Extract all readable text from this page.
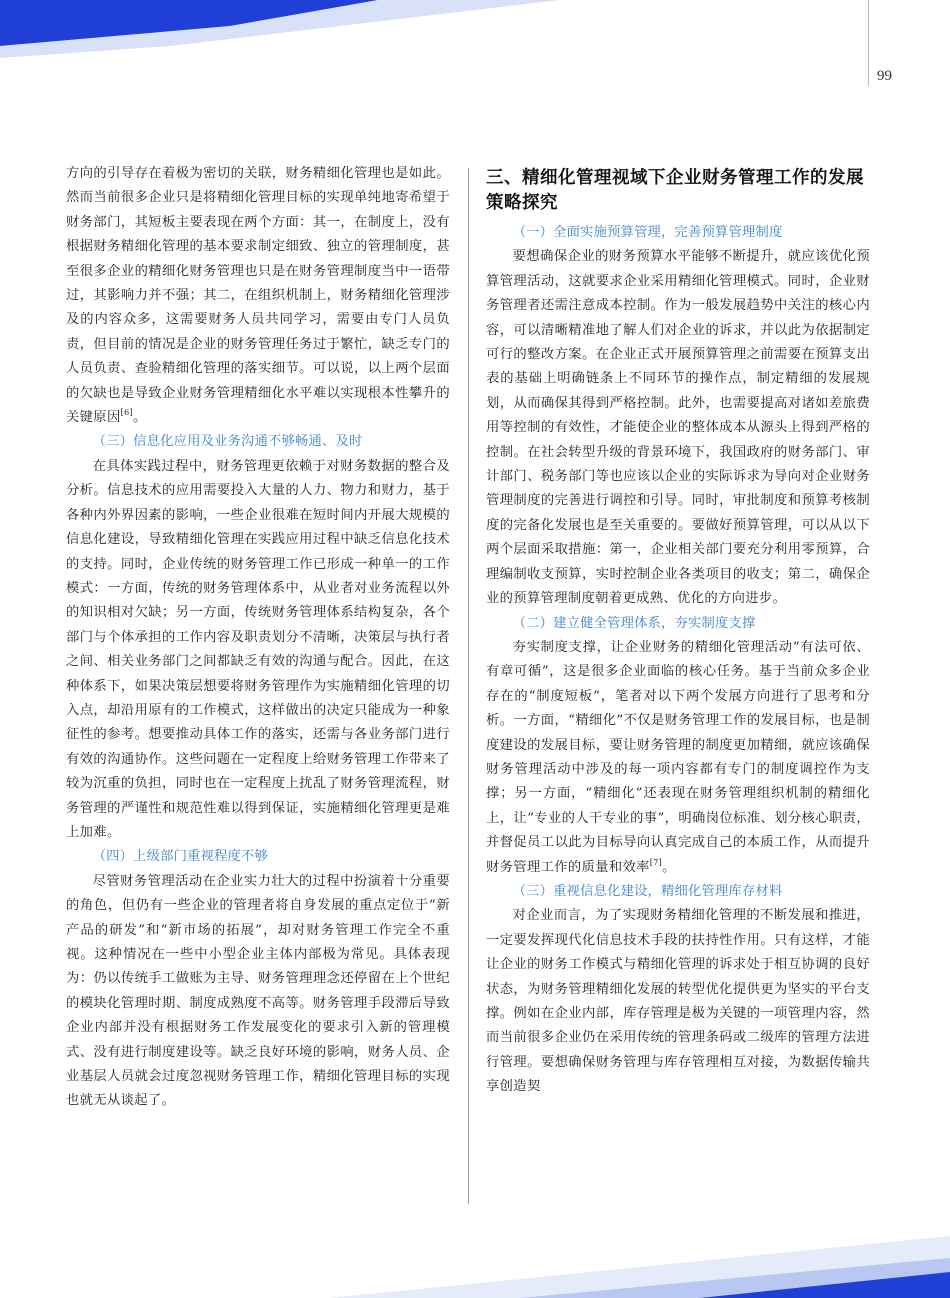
99

方向的引导存在着极为密切的关联，财务精细化管理也是如此。然而当前很多企业只是将精细化管理目标的实现单纯地寄希望于财务部门，其短板主要表现在两个方面：其一，在制度上，没有根据财务精细化管理的基本要求制定细致、独立的管理制度，甚至很多企业的精细化财务管理也只是在财务管理制度当中一语带过，其影响力并不强；其二，在组织机制上，财务精细化管理涉及的内容众多，这需要财务人员共同学习，需要由专门人员负责，但目前的情况是企业的财务管理任务过于繁忙，缺乏专门的人员负责、查验精细化管理的落实细节。可以说，以上两个层面的欠缺也是导致企业财务管理精细化水平难以实现根本性攀升的关键原因[6]。

（三）信息化应用及业务沟通不够畅通、及时

在具体实践过程中，财务管理更依赖于对财务数据的整合及分析。信息技术的应用需要投入大量的人力、物力和财力，基于各种内外界因素的影响，一些企业很难在短时间内开展大规模的信息化建设，导致精细化管理在实践应用过程中缺乏信息化技术的支持。同时，企业传统的财务管理工作已形成一种单一的工作模式：一方面，传统的财务管理体系中，从业者对业务流程以外的知识相对欠缺；另一方面，传统财务管理体系结构复杂，各个部门与个体承担的工作内容及职责划分不清晰，决策层与执行者之间、相关业务部门之间都缺乏有效的沟通与配合。因此，在这种体系下，如果决策层想要将财务管理作为实施精细化管理的切入点，却沿用原有的工作模式，这样做出的决定只能成为一种象征性的参考。想要推动具体工作的落实，还需与各业务部门进行有效的沟通协作。这些问题在一定程度上给财务管理工作带来了较为沉重的负担，同时也在一定程度上扰乱了财务管理流程，财务管理的严谨性和规范性难以得到保证，实施精细化管理更是难上加难。

（四）上级部门重视程度不够

尽管财务管理活动在企业实力壮大的过程中扮演着十分重要的角色，但仍有一些企业的管理者将自身发展的重点定位于“新产品的研发”和“新市场的拓展”，却对财务管理工作完全不重视。这种情况在一些中小型企业主体内部极为常见。具体表现为：仍以传统手工做账为主导、财务管理理念还停留在上个世纪的模块化管理时期、制度成熟度不高等。财务管理手段滞后导致企业内部并没有根据财务工作发展变化的要求引入新的管理模式、没有进行制度建设等。缺乏良好环境的影响，财务人员、企业基层人员就会过度忽视财务管理工作，精细化管理目标的实现也就无从谈起了。

三、精细化管理视域下企业财务管理工作的发展策略探究
（一）全面实施预算管理，完善预算管理制度

要想确保企业的财务预算水平能够不断提升，就应该优化预算管理活动，这就要求企业采用精细化管理模式。同时，企业财务管理者还需注意成本控制。作为一般发展趋势中关注的核心内容，可以清晰精准地了解人们对企业的诉求，并以此为依据制定可行的整改方案。在企业正式开展预算管理之前需要在预算支出表的基础上明确链条上不同环节的操作点，制定精细的发展规划，从而确保其得到严格控制。此外，也需要提高对诸如差旅费用等控制的有效性，才能使企业的整体成本从源头上得到严格的控制。在社会转型升级的背景环境下，我国政府的财务部门、审计部门、税务部门等也应该以企业的实际诉求为导向对企业财务管理制度的完善进行调控和引导。同时，审批制度和预算考核制度的完备化发展也是至关重要的。要做好预算管理，可以从以下两个层面采取措施：第一，企业相关部门要充分利用零预算，合理编制收支预算，实时控制企业各类项目的收支；第二，确保企业的预算管理制度朝着更成熟、优化的方向进步。

（二）建立健全管理体系，夯实制度支撑

夯实制度支撑，让企业财务的精细化管理活动“有法可依、有章可循”，这是很多企业面临的核心任务。基于当前众多企业存在的“制度短板”，笔者对以下两个发展方向进行了思考和分析。一方面，“精细化”不仅是财务管理工作的发展目标，也是制度建设的发展目标，要让财务管理的制度更加精细，就应该确保财务管理活动中涉及的每一项内容都有专门的制度调控作为支撑；另一方面，“精细化”还表现在财务管理组织机制的精细化上，让“专业的人干专业的事”，明确岗位标准、划分核心职责，并督促员工以此为目标导向认真完成自己的本质工作，从而提升财务管理工作的质量和效率[7]。

（三）重视信息化建设，精细化管理库存材料

对企业而言，为了实现财务精细化管理的不断发展和推进，一定要发挥现代化信息技术手段的扶持性作用。只有这样，才能让企业的财务工作模式与精细化管理的诉求处于相互协调的良好状态，为财务管理精细化发展的转型优化提供更为坚实的平台支撑。例如在企业内部，库存管理是极为关键的一项管理内容，然而当前很多企业仍在采用传统的管理条码或二级库的管理方法进行管理。要想确保财务管理与库存管理相互对接，为数据传输共享创造契
